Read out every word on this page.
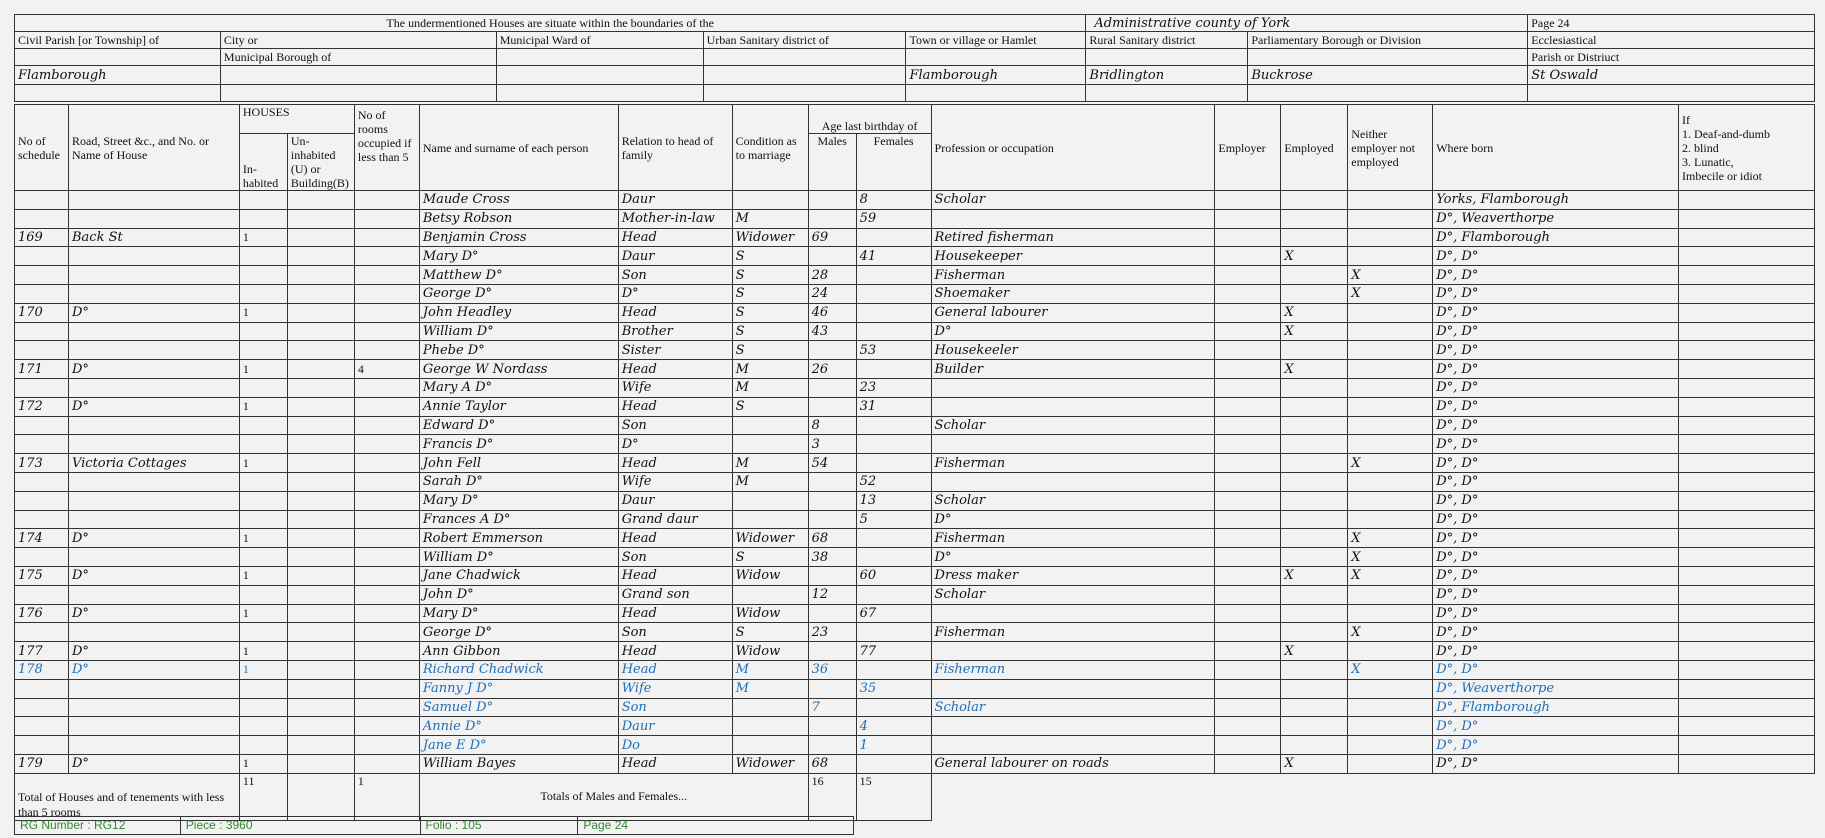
The undermentioned Houses are situate within the boundaries of the					Administrative county of York		Page 24
Civil Parish [or Township] of	City or	Municipal Ward of	Urban Sanitary district of	Town or village or Hamlet	Rural Sanitary district	Parliamentary Borough or Division	Ecclesiastical
	Municipal Borough of						Parish or Distriuct
Flamborough				Flamborough	Bridlington	Buckrose	St Oswald

No of schedule	Road, Street &c., and No. or Name of House	HOUSES		No of rooms occupied if less than 5	Name and surname of each person	Relation to head of family	Condition as to marriage	Age last birthday of		Profession or occupation	Employer	Employed	Neither employer not employed	Where born	If
1. Deaf-and-dumb
2. blind
3. Lunatic,
Imbecile or idiot

		In- habited	Un- inhabited (U) or Building(B)					Males	Females						
					Maude Cross	Daur			8	Scholar				Yorks, Flamborough	
					Betsy Robson	Mother-in-law	M		59					D°, Weaverthorpe	
169	Back St	1			Benjamin Cross	Head	Widower	69		Retired fisherman				D°, Flamborough	
					Mary D°	Daur	S		41	Housekeeper		X		D°, D°	
					Matthew D°	Son	S	28		Fisherman			X	D°, D°	
					George D°	D°	S	24		Shoemaker			X	D°, D°	
170	D°	1			John Headley	Head	S	46		General labourer		X		D°, D°	
					William D°	Brother	S	43		D°		X		D°, D°	
					Phebe D°	Sister	S		53	Housekeeler				D°, D°	
171	D°	1		4	George W Nordass	Head	M	26		Builder		X		D°, D°	
					Mary A D°	Wife	M		23					D°, D°	
172	D°	1			Annie Taylor	Head	S		31					D°, D°	
					Edward D°	Son		8		Scholar				D°, D°	
					Francis D°	D°		3						D°, D°	
173	Victoria Cottages	1			John Fell	Head	M	54		Fisherman			X	D°, D°	
					Sarah D°	Wife	M		52					D°, D°	
					Mary D°	Daur			13	Scholar				D°, D°	
					Frances A D°	Grand daur			5	D°				D°, D°	
174	D°	1			Robert Emmerson	Head	Widower	68		Fisherman			X	D°, D°	
					William D°	Son	S	38		D°			X	D°, D°	
175	D°	1			Jane Chadwick	Head	Widow		60	Dress maker		X	X	D°, D°	
					John D°	Grand son		12		Scholar				D°, D°	
176	D°	1			Mary D°	Head	Widow		67					D°, D°	
					George D°	Son	S	23		Fisherman			X	D°, D°	
177	D°	1			Ann Gibbon	Head	Widow		77			X		D°, D°	
178	D°	1			Richard Chadwick	Head	M	36		Fisherman			X	D°, D°	
					Fanny J D°	Wife	M		35					D°, Weaverthorpe	
					Samuel D°	Son		7		Scholar				D°, Flamborough	
					Annie D°	Daur			4					D°, D°	
					Jane E D°	Do			1					D°, D°	
179	D°	1			William Bayes	Head	Widower	68		General labourer on roads		X		D°, D°	
Total of Houses and of tenements with less than 5 rooms		11		1	Totals of Males and Females...			16	15						
RG Number : RG12	Piece : 3960	Folio : 105	Page 24
